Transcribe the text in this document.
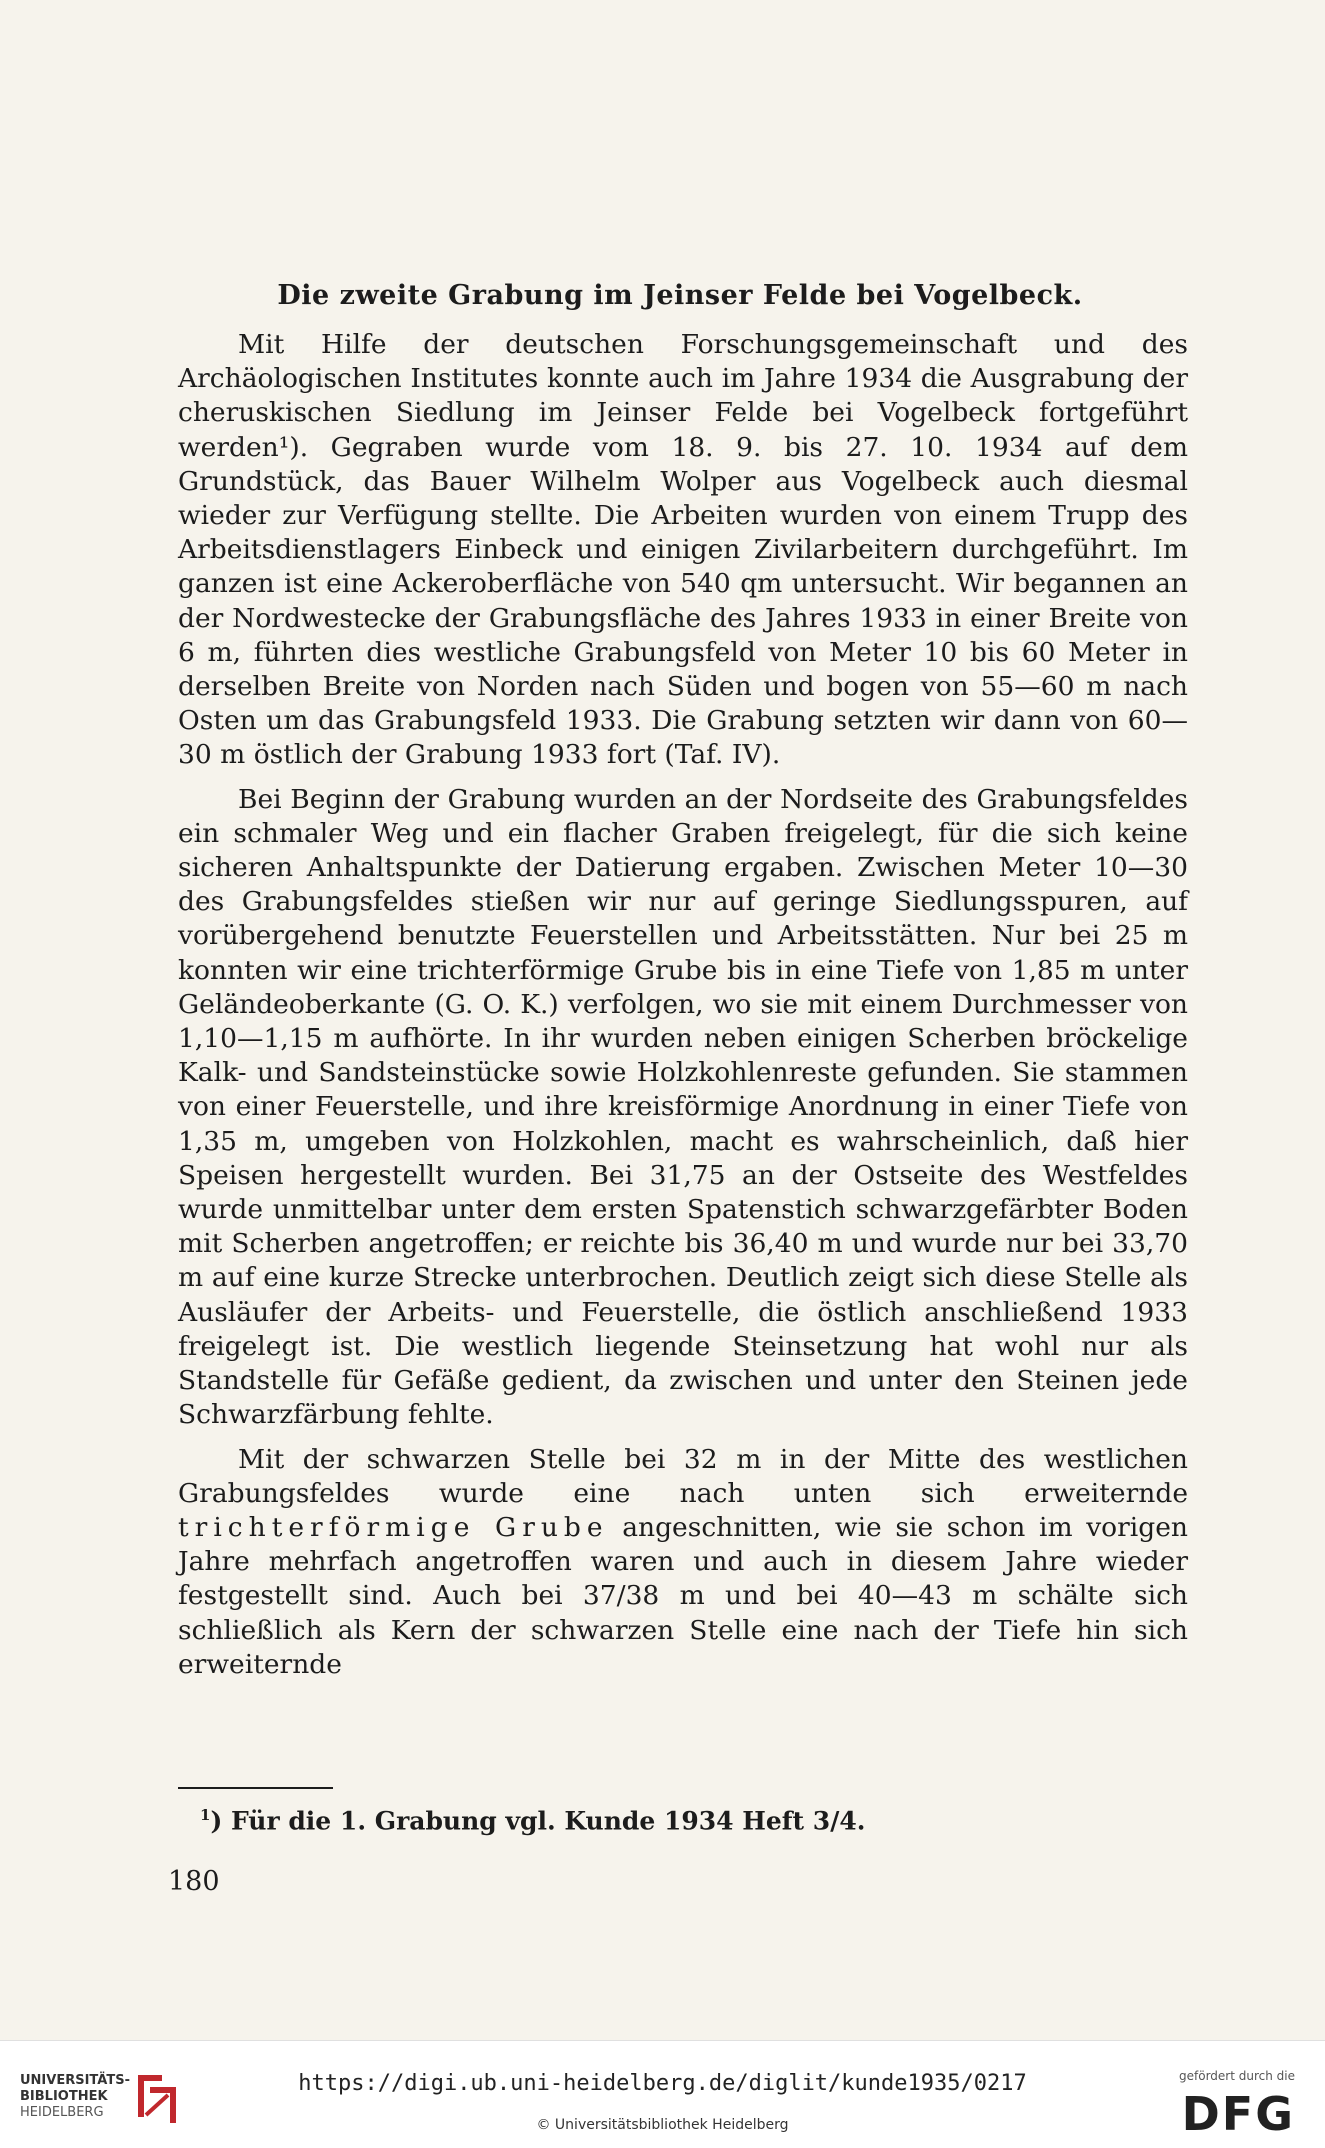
Die zweite Grabung im Jeinser Felde bei Vogelbeck.

Mit Hilfe der deutschen Forschungsgemeinschaft und des Archäologischen Institutes konnte auch im Jahre 1934 die Ausgrabung der cheruskischen Siedlung im Jeinser Felde bei Vogelbeck fortgeführt werden¹). Gegraben wurde vom 18. 9. bis 27. 10. 1934 auf dem Grundstück, das Bauer Wilhelm Wolper aus Vogelbeck auch diesmal wieder zur Verfügung stellte. Die Arbeiten wurden von einem Trupp des Arbeitsdienstlagers Einbeck und einigen Zivilarbeitern durchgeführt. Im ganzen ist eine Ackeroberfläche von 540 qm untersucht. Wir begannen an der Nordwestecke der Grabungsfläche des Jahres 1933 in einer Breite von 6 m, führten dies westliche Grabungsfeld von Meter 10 bis 60 Meter in derselben Breite von Norden nach Süden und bogen von 55—60 m nach Osten um das Grabungsfeld 1933. Die Grabung setzten wir dann von 60—30 m östlich der Grabung 1933 fort (Taf. IV).

Bei Beginn der Grabung wurden an der Nordseite des Grabungsfeldes ein schmaler Weg und ein flacher Graben freigelegt, für die sich keine sicheren Anhaltspunkte der Datierung ergaben. Zwischen Meter 10—30 des Grabungsfeldes stießen wir nur auf geringe Siedlungsspuren, auf vorübergehend benutzte Feuerstellen und Arbeitsstätten. Nur bei 25 m konnten wir eine trichterförmige Grube bis in eine Tiefe von 1,85 m unter Geländeoberkante (G. O. K.) verfolgen, wo sie mit einem Durchmesser von 1,10—1,15 m aufhörte. In ihr wurden neben einigen Scherben bröckelige Kalk- und Sandsteinstücke sowie Holzkohlenreste gefunden. Sie stammen von einer Feuerstelle, und ihre kreisförmige Anordnung in einer Tiefe von 1,35 m, umgeben von Holzkohlen, macht es wahrscheinlich, daß hier Speisen hergestellt wurden. Bei 31,75 an der Ostseite des Westfeldes wurde unmittelbar unter dem ersten Spatenstich schwarzgefärbter Boden mit Scherben angetroffen; er reichte bis 36,40 m und wurde nur bei 33,70 m auf eine kurze Strecke unterbrochen. Deutlich zeigt sich diese Stelle als Ausläufer der Arbeits- und Feuerstelle, die östlich anschließend 1933 freigelegt ist. Die westlich liegende Steinsetzung hat wohl nur als Standstelle für Gefäße gedient, da zwischen und unter den Steinen jede Schwarzfärbung fehlte.

Mit der schwarzen Stelle bei 32 m in der Mitte des westlichen Grabungsfeldes wurde eine nach unten sich erweiternde trichterförmige Grube angeschnitten, wie sie schon im vorigen Jahre mehrfach angetroffen waren und auch in diesem Jahre wieder festgestellt sind. Auch bei 37/38 m und bei 40—43 m schälte sich schließlich als Kern der schwarzen Stelle eine nach der Tiefe hin sich erweiternde

$^1$) Für die 1. Grabung vgl. Kunde 1934 Heft 3/4.
180
UNIVERSITÄTS-
BIBLIOTHEK
HEIDELBERG
https://digi.ub.uni-heidelberg.de/diglit/kunde1935/0217
© Universitätsbibliothek Heidelberg
gefördert durch die
DFG
